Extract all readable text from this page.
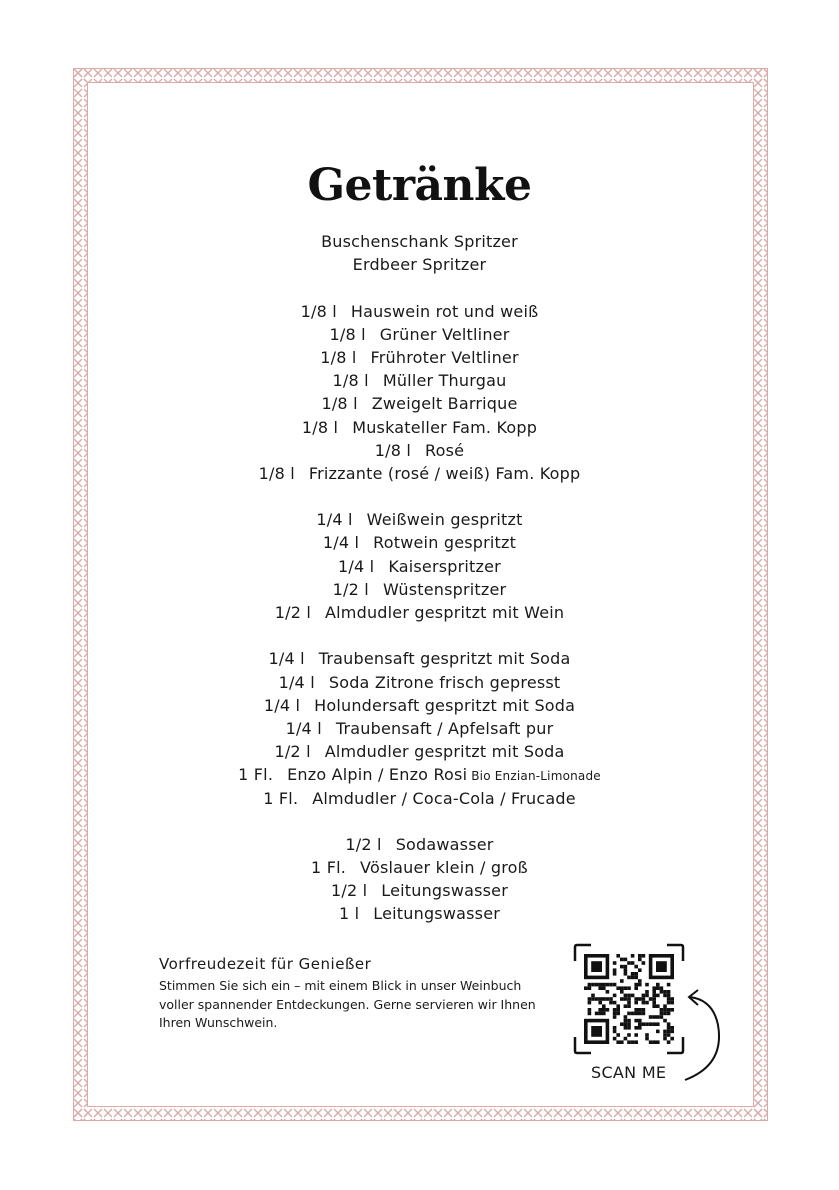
Getränke
Buschenschank Spritzer
Erdbeer Spritzer
1/8 l Hauswein rot und weiß
1/8 l Grüner Veltliner
1/8 l Frühroter Veltliner
1/8 l Müller Thurgau
1/8 l Zweigelt Barrique
1/8 l Muskateller Fam. Kopp
1/8 l Rosé
1/8 l Frizzante (rosé / weiß) Fam. Kopp
1/4 l Weißwein gespritzt
1/4 l Rotwein gespritzt
1/4 l Kaiserspritzer
1/2 l Wüstenspritzer
1/2 l Almdudler gespritzt mit Wein
1/4 l Traubensaft gespritzt mit Soda
1/4 l Soda Zitrone frisch gepresst
1/4 l Holundersaft gespritzt mit Soda
1/4 l Traubensaft / Apfelsaft pur
1/2 l Almdudler gespritzt mit Soda
1 Fl. Enzo Alpin / Enzo Rosi Bio Enzian-Limonade
1 Fl. Almdudler / Coca-Cola / Frucade
1/2 l Sodawasser
1 Fl. Vöslauer klein / groß
1/2 l Leitungswasser
1 l Leitungswasser
Vorfreudezeit für Genießer

Stimmen Sie sich ein – mit einem Blick in unser Weinbuch voller spannender Entdeckungen. Gerne servieren wir Ihnen Ihren Wunschwein.

SCAN ME
